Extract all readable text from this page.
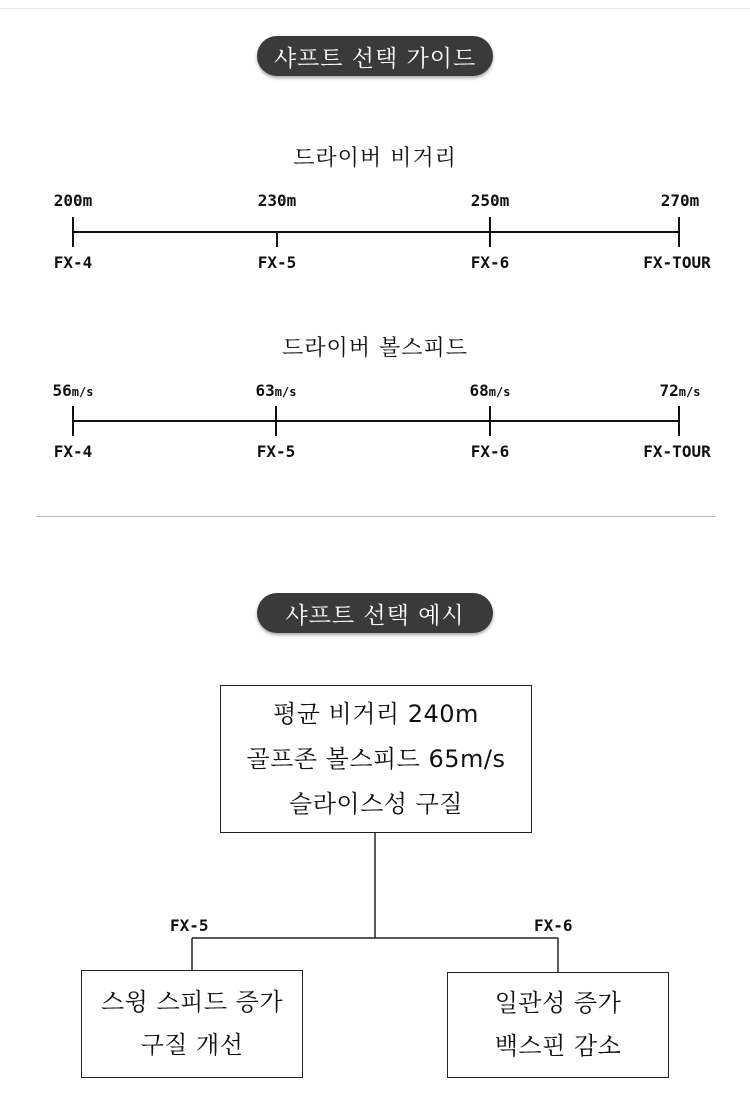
샤프트 선택 가이드
드라이버 비거리
200m	230m	250m	270m
FX-4	FX-5	FX-6	FX-TOUR
드라이버 볼스피드
56m/s	63m/s	68m/s	72m/s
FX-4	FX-5	FX-6	FX-TOUR
샤프트 선택 예시
평균 비거리 240m
골프존 볼스피드 65m/s
슬라이스성 구질
FX-5	FX-6
스윙 스피드 증가
구질 개선
일관성 증가
백스핀 감소
